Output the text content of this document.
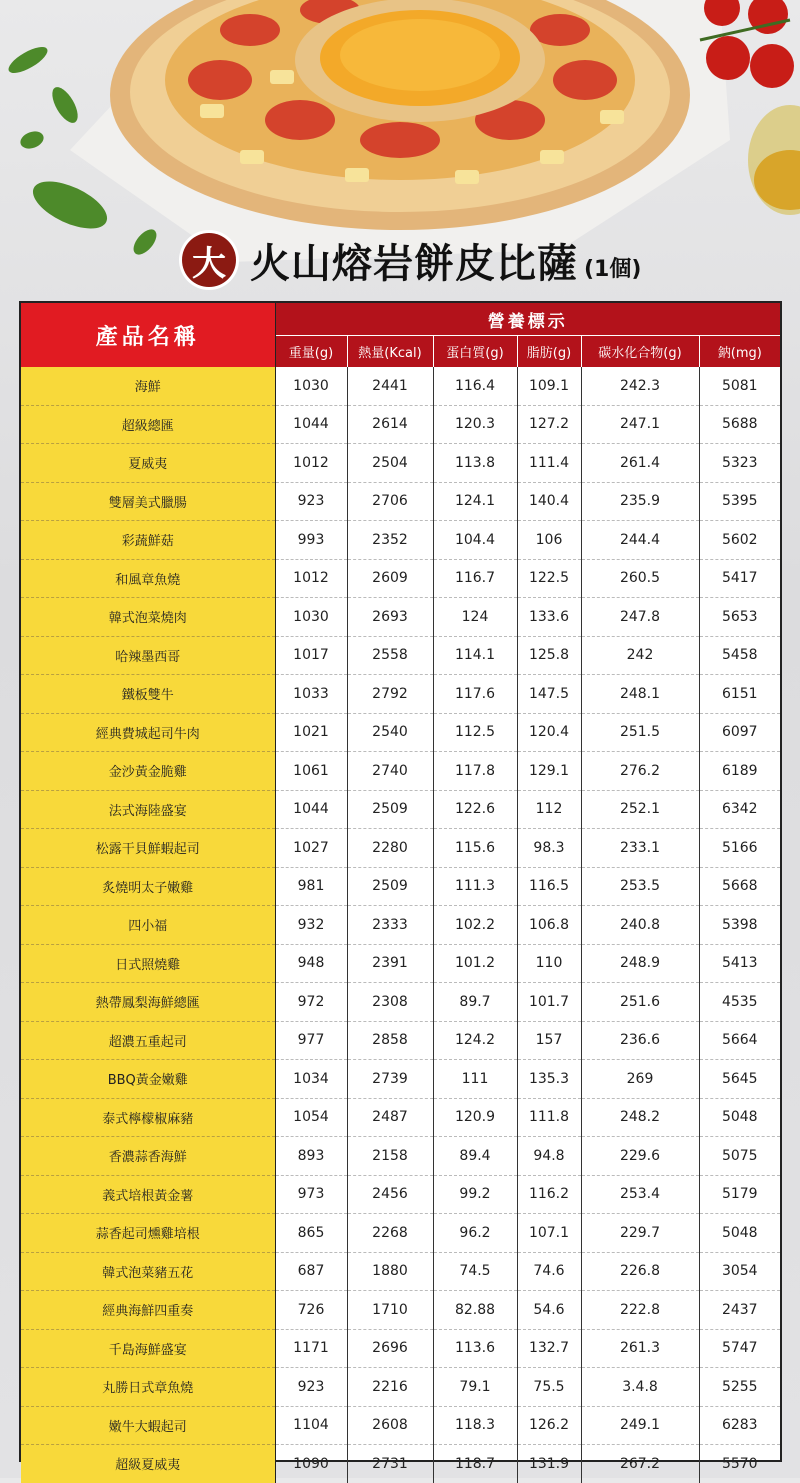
大 火山熔岩餅皮比薩 (1個)
產品名稱	營養標示					
	重量(g)	熱量(Kcal)	蛋白質(g)	脂肪(g)	碳水化合物(g)	鈉(mg)
海鮮	1030	2441	116.4	109.1	242.3	5081
超級總匯	1044	2614	120.3	127.2	247.1	5688
夏威夷	1012	2504	113.8	111.4	261.4	5323
雙層美式臘腸	923	2706	124.1	140.4	235.9	5395
彩蔬鮮菇	993	2352	104.4	106	244.4	5602
和風章魚燒	1012	2609	116.7	122.5	260.5	5417
韓式泡菜燒肉	1030	2693	124	133.6	247.8	5653
哈辣墨西哥	1017	2558	114.1	125.8	242	5458
鐵板雙牛	1033	2792	117.6	147.5	248.1	6151
經典費城起司牛肉	1021	2540	112.5	120.4	251.5	6097
金沙黃金脆雞	1061	2740	117.8	129.1	276.2	6189
法式海陸盛宴	1044	2509	122.6	112	252.1	6342
松露干貝鮮蝦起司	1027	2280	115.6	98.3	233.1	5166
炙燒明太子嫩雞	981	2509	111.3	116.5	253.5	5668
四小福	932	2333	102.2	106.8	240.8	5398
日式照燒雞	948	2391	101.2	110	248.9	5413
熱帶鳳梨海鮮總匯	972	2308	89.7	101.7	251.6	4535
超濃五重起司	977	2858	124.2	157	236.6	5664
BBQ黃金嫩雞	1034	2739	111	135.3	269	5645
泰式檸檬椒麻豬	1054	2487	120.9	111.8	248.2	5048
香濃蒜香海鮮	893	2158	89.4	94.8	229.6	5075
義式培根黃金薯	973	2456	99.2	116.2	253.4	5179
蒜香起司燻雞培根	865	2268	96.2	107.1	229.7	5048
韓式泡菜豬五花	687	1880	74.5	74.6	226.8	3054
經典海鮮四重奏	726	1710	82.88	54.6	222.8	2437
千島海鮮盛宴	1171	2696	113.6	132.7	261.3	5747
丸勝日式章魚燒	923	2216	79.1	75.5	3.4.8	5255
嫩牛大蝦起司	1104	2608	118.3	126.2	249.1	6283
超級夏威夷	1090	2731	118.7	131.9	267.2	5570
